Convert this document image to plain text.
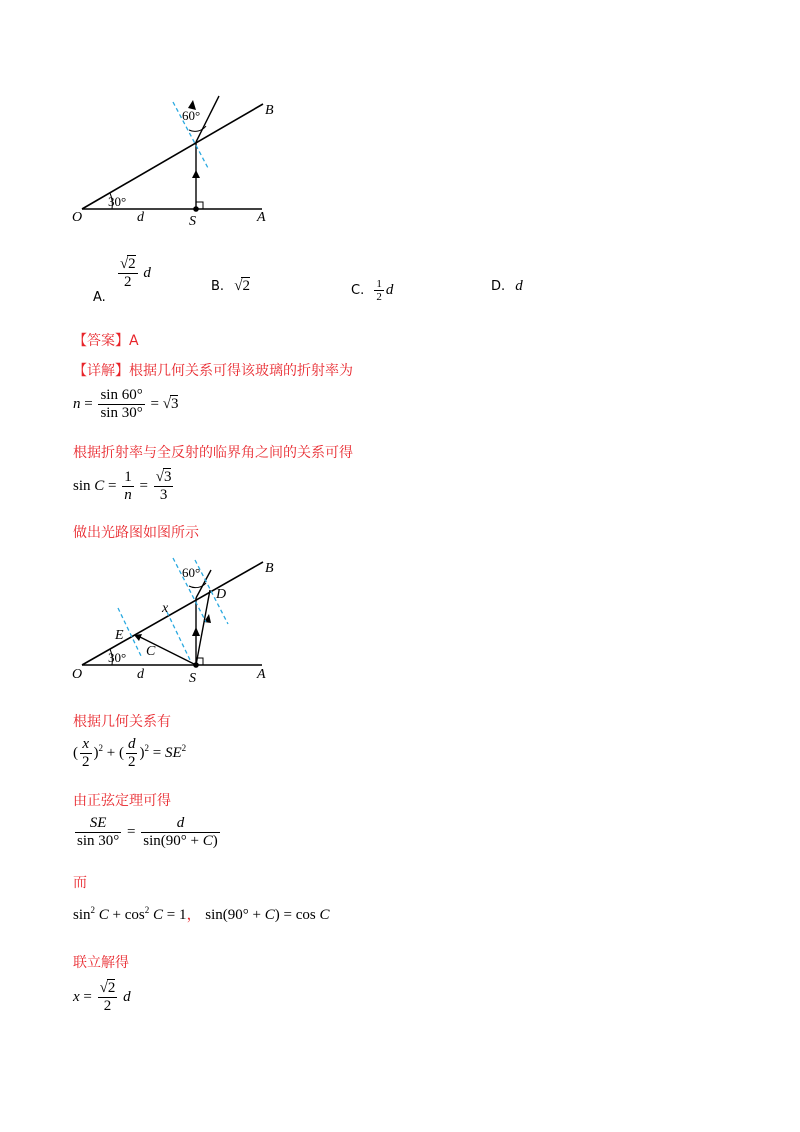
60°
30°
B
O	d	S	A
A.
$\frac{√2}{2}$ d
B. √2	C. $\frac{1}{2}$ d	D. d
【答案】A
【详解】根据几何关系可得该玻璃的折射率为
$n = \frac{\sin 60^\circ}{\sin 30^\circ} = √3$
根据折射率与全反射的临界角之间的关系可得
$\sin C = \frac{1}{n} = \frac{√3}{3}$
做出光路图如图所示
60°
30°
B
D
x
E
C
O	d	S	A
根据几何关系有
( $\frac{x}{2} )^2$ + ( $\frac{d}{2} )^2 = SE^2$
由正弦定理可得
$\frac{SE}{\sin 30^\circ} = \frac{d}{\sin(90^\circ + C)}$
而
$\sin^2 C + \cos^2 C = 1$， sin(90° + C) = cos C
联立解得
$x = \frac{√2}{2}$ d
